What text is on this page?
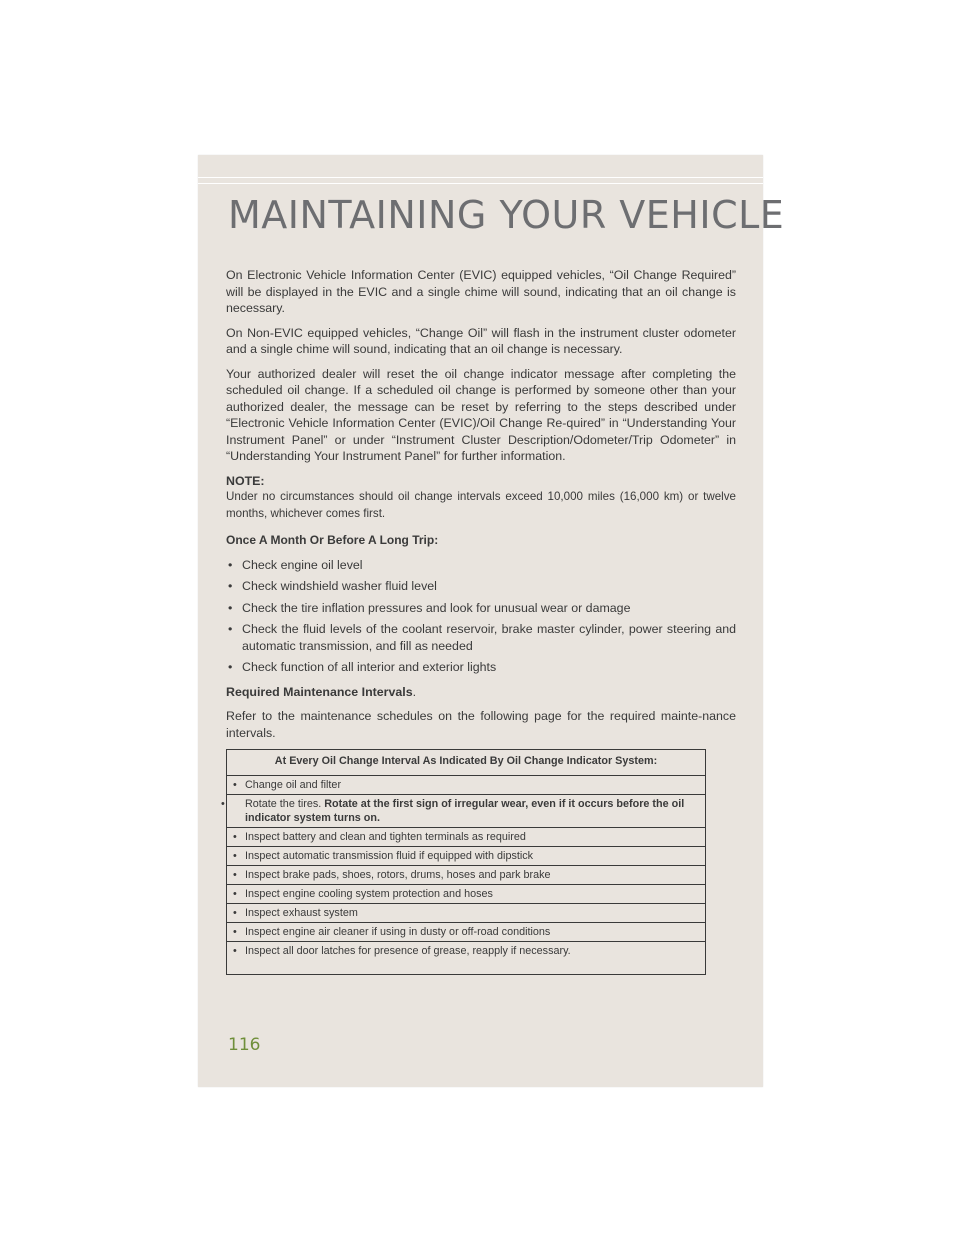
MAINTAINING YOUR VEHICLE

On Electronic Vehicle Information Center (EVIC) equipped vehicles, “Oil Change Required” will be displayed in the EVIC and a single chime will sound, indicating that an oil change is necessary.

On Non-EVIC equipped vehicles, “Change Oil” will flash in the instrument cluster odometer and a single chime will sound, indicating that an oil change is necessary.

Your authorized dealer will reset the oil change indicator message after completing the scheduled oil change. If a scheduled oil change is performed by someone other than your authorized dealer, the message can be reset by referring to the steps described under “Electronic Vehicle Information Center (EVIC)/Oil Change Re-quired” in “Understanding Your Instrument Panel” or under “Instrument Cluster Description/Odometer/Trip Odometer” in “Understanding Your Instrument Panel” for further information.

NOTE:

Under no circumstances should oil change intervals exceed 10,000 miles (16,000 km) or twelve months, whichever comes first.

Once A Month Or Before A Long Trip:

• Check engine oil level
• Check windshield washer fluid level
• Check the tire inflation pressures and look for unusual wear or damage
• Check the fluid levels of the coolant reservoir, brake master cylinder, power steering and automatic transmission, and fill as needed
• Check function of all interior and exterior lights

Required Maintenance Intervals.

Refer to the maintenance schedules on the following page for the required mainte-nance intervals.

At Every Oil Change Interval As Indicated By Oil Change Indicator System:
• Change oil and filter
• Rotate the tires. Rotate at the first sign of irregular wear, even if it occurs before the oil indicator system turns on.
• Inspect battery and clean and tighten terminals as required
• Inspect automatic transmission fluid if equipped with dipstick
• Inspect brake pads, shoes, rotors, drums, hoses and park brake
• Inspect engine cooling system protection and hoses
• Inspect exhaust system
• Inspect engine air cleaner if using in dusty or off-road conditions
• Inspect all door latches for presence of grease, reapply if necessary.
116
